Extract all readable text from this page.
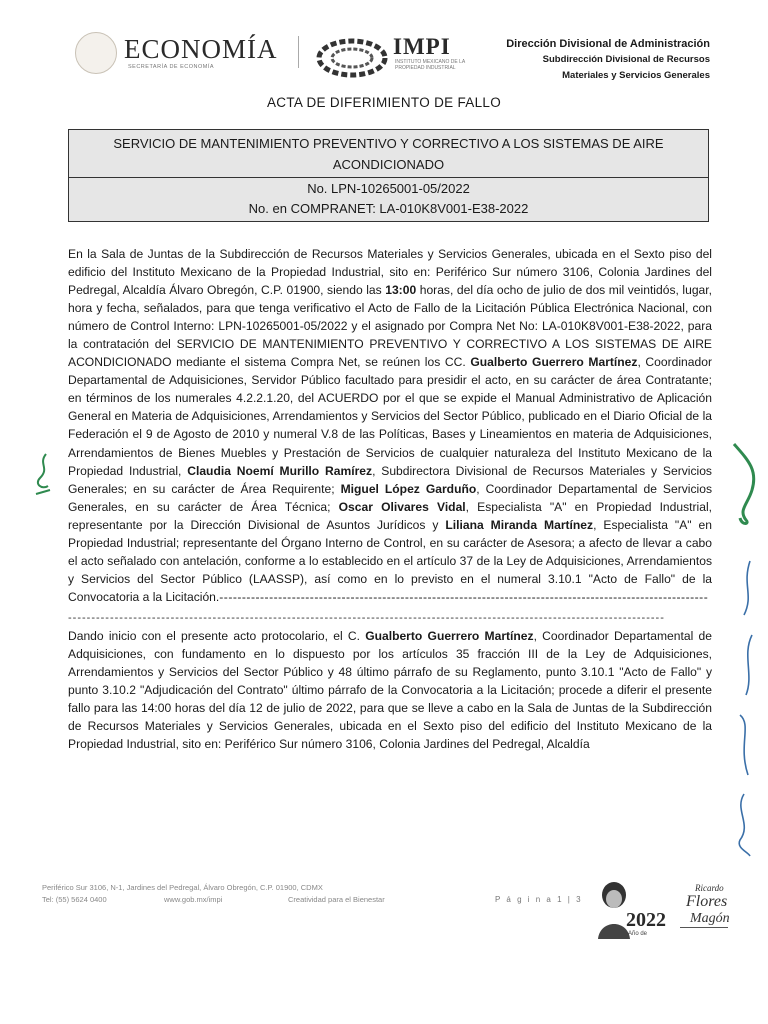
ECONOMÍA
SECRETARÍA DE ECONOMÍA
IMPI
INSTITUTO MEXICANO DE LA PROPIEDAD INDUSTRIAL
Dirección Divisional de Administración
Subdirección Divisional de Recursos
Materiales y Servicios Generales
ACTA DE DIFERIMIENTO DE FALLO
SERVICIO DE MANTENIMIENTO PREVENTIVO Y CORRECTIVO A LOS SISTEMAS DE AIRE
ACONDICIONADO
No. LPN-10265001-05/2022
No. en COMPRANET: LA-010K8V001-E38-2022

En la Sala de Juntas de la Subdirección de Recursos Materiales y Servicios Generales, ubicada en el Sexto piso del edificio del Instituto Mexicano de la Propiedad Industrial, sito en: Periférico Sur número 3106, Colonia Jardines del Pedregal, Alcaldía Álvaro Obregón, C.P. 01900, siendo las 13:00 horas, del día ocho de julio de dos mil veintidós, lugar, hora y fecha, señalados, para que tenga verificativo el Acto de Fallo de la Licitación Pública Electrónica Nacional, con número de Control Interno: LPN-10265001-05/2022 y el asignado por Compra Net No: LA-010K8V001-E38-2022, para la contratación del SERVICIO DE MANTENIMIENTO PREVENTIVO Y CORRECTIVO A LOS SISTEMAS DE AIRE ACONDICIONADO mediante el sistema Compra Net, se reúnen los CC. Gualberto Guerrero Martínez, Coordinador Departamental de Adquisiciones, Servidor Público facultado para presidir el acto, en su carácter de área Contratante; en términos de los numerales 4.2.2.1.20, del ACUERDO por el que se expide el Manual Administrativo de Aplicación General en Materia de Adquisiciones, Arrendamientos y Servicios del Sector Público, publicado en el Diario Oficial de la Federación el 9 de Agosto de 2010 y numeral V.8 de las Políticas, Bases y Lineamientos en materia de Adquisiciones, Arrendamientos de Bienes Muebles y Prestación de Servicios de cualquier naturaleza del Instituto Mexicano de la Propiedad Industrial, Claudia Noemí Murillo Ramírez, Subdirectora Divisional de Recursos Materiales y Servicios Generales; en su carácter de Área Requirente; Miguel López Garduño, Coordinador Departamental de Servicios Generales, en su carácter de Área Técnica; Oscar Olivares Vidal, Especialista "A" en Propiedad Industrial, representante por la Dirección Divisional de Asuntos Jurídicos y Liliana Miranda Martínez, Especialista "A" en Propiedad Industrial; representante del Órgano Interno de Control, en su carácter de Asesora; a afecto de llevar a cabo el acto señalado con antelación, conforme a lo establecido en el artículo 37 de la Ley de Adquisiciones, Arrendamientos y Servicios del Sector Público (LAASSP), así como en lo previsto en el numeral 3.10.1 "Acto de Fallo" de la Convocatoria a la Licitación.------------------------------------------------------------------------------------------------------------

--------------------------------------------------------------------------------------------------------------------------------

Dando inicio con el presente acto protocolario, el C. Gualberto Guerrero Martínez, Coordinador Departamental de Adquisiciones, con fundamento en lo dispuesto por los artículos 35 fracción III de la Ley de Adquisiciones, Arrendamientos y Servicios del Sector Público y 48 último párrafo de su Reglamento, punto 3.10.1 "Acto de Fallo" y punto 3.10.2 "Adjudicación del Contrato" último párrafo de la Convocatoria a la Licitación; procede a diferir el presente fallo para las 14:00 horas del día 12 de julio de 2022, para que se lleve a cabo en la Sala de Juntas de la Subdirección de Recursos Materiales y Servicios Generales, ubicada en el Sexto piso del edificio del Instituto Mexicano de la Propiedad Industrial, sito en: Periférico Sur número 3106, Colonia Jardines del Pedregal, Alcaldía

Periférico Sur 3106, N-1, Jardines del Pedregal, Álvaro Obregón, C.P. 01900, CDMX
Tel: (55) 5624 0400	www.gob.mx/impi	Creatividad para el Bienestar	P á g i n a 1 | 3
2022
Año de
Ricardo
Flores
Magón
